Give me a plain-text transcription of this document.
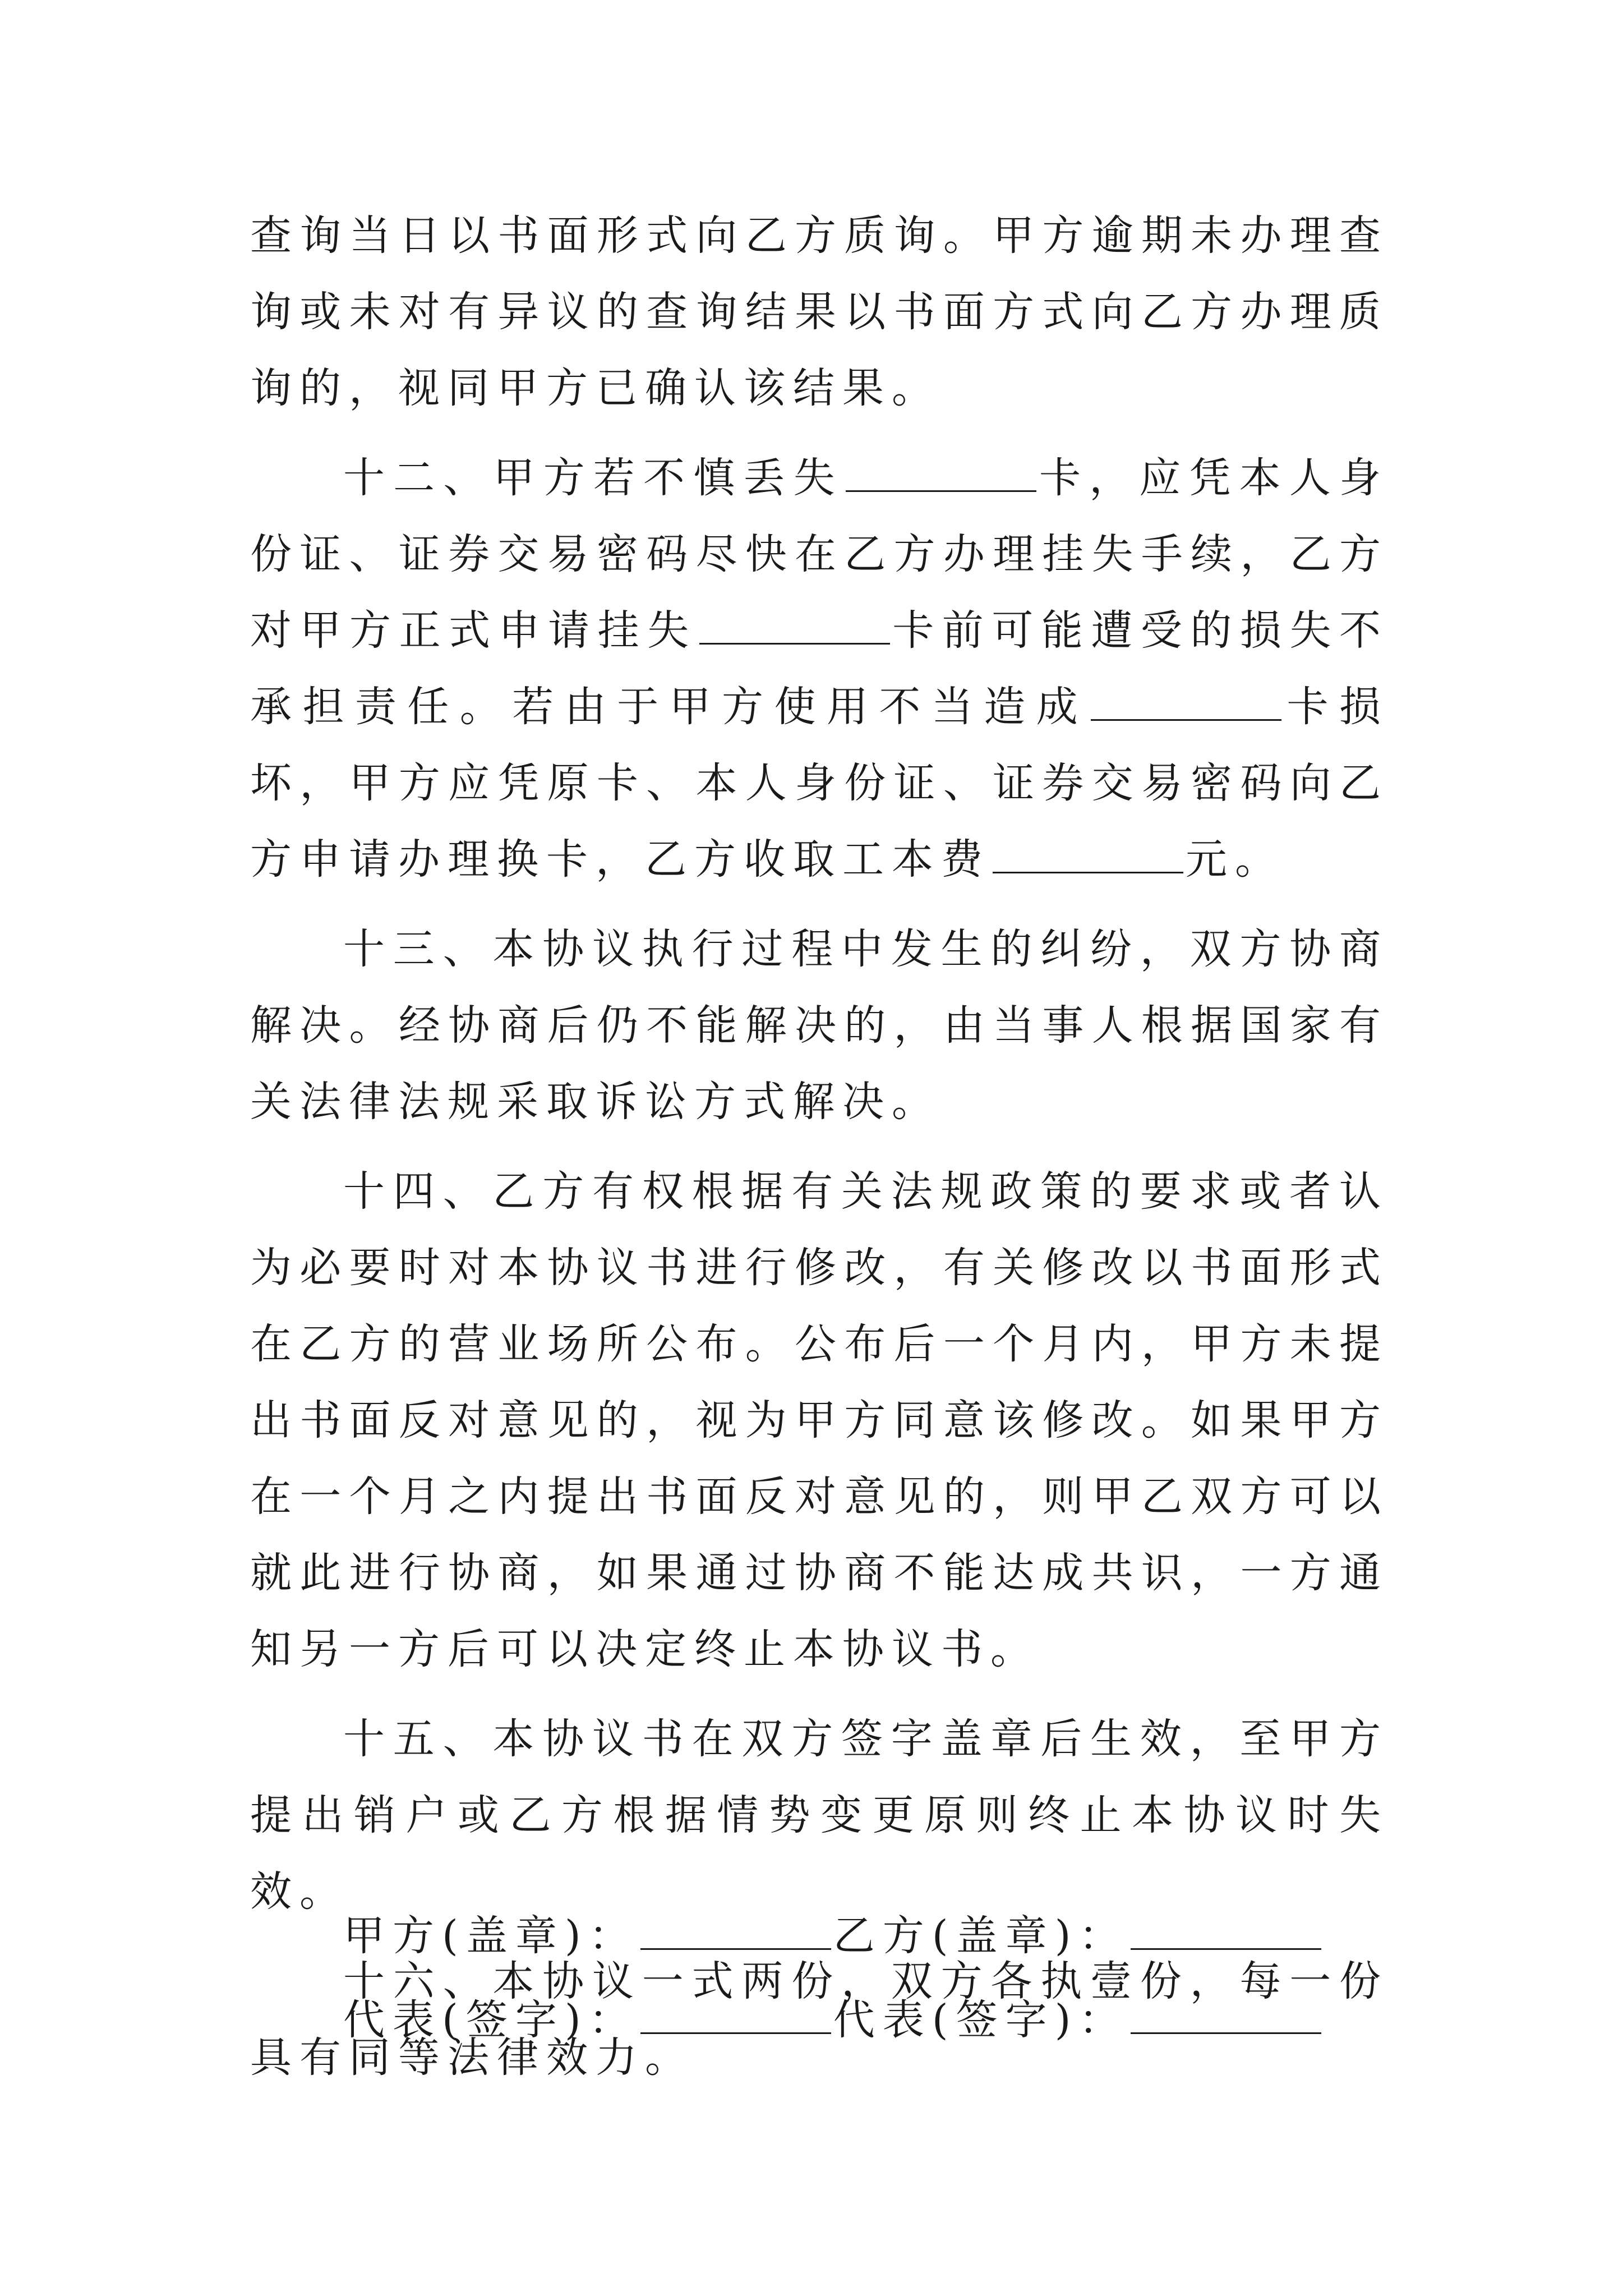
查询当日以书面形式向乙方质询。甲方逾期未办理查询或未对有异议的查询结果以书面方式向乙方办理质询的，视同甲方已确认该结果。

十二、甲方若不慎丢失	卡，应凭本人身份证、证券交易密码尽快在乙方办理挂失手续，乙方对甲方正式申请挂失	卡前可能遭受的损失不承担责任。若由于甲方使用不当造成	卡损坏，甲方应凭原卡、本人身份证、证券交易密码向乙方申请办理换卡，乙方收取工本费	元。

十三、本协议执行过程中发生的纠纷，双方协商解决。经协商后仍不能解决的，由当事人根据国家有关法律法规采取诉讼方式解决。

十四、乙方有权根据有关法规政策的要求或者认为必要时对本协议书进行修改，有关修改以书面形式在乙方的营业场所公布。公布后一个月内，甲方未提出书面反对意见的，视为甲方同意该修改。如果甲方在一个月之内提出书面反对意见的，则甲乙双方可以就此进行协商，如果通过协商不能达成共识，一方通知另一方后可以决定终止本协议书。

十五、本协议书在双方签字盖章后生效，至甲方提出销户或乙方根据情势变更原则终止本协议时失效。

十六、本协议一式两份，双方各执壹份，每一份具有同等法律效力。

甲方(盖章)：	乙方(盖章)：
代表(签字)：	代表(签字)：
